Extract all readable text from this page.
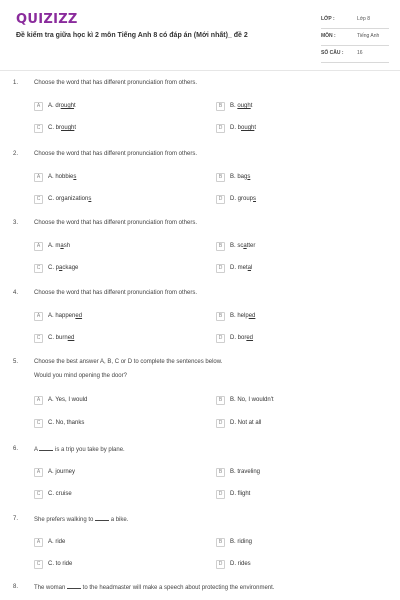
QUIZIZZ
Đề kiểm tra giữa học kì 2 môn Tiếng Anh 8 có đáp án (Mới nhất)_ đề 2
LỚP :	Lớp 8
MÔN :	Tiếng Anh
SỐ CÂU :	16
1.	Choose the word that has different pronunciation from others.
A	A. drought	B	B. ought
C	C. brought	D	D. bought
2.	Choose the word that has different pronunciation from others.
A	A. hobbies	B	B. bags
C	C. organizations	D	D. groups
3.	Choose the word that has different pronunciation from others.
A	A. mash	B	B. scatter
C	C. package	D	D. metal
4.	Choose the word that has different pronunciation from others.
A	A. happened	B	B. helped
C	C. burned	D	D. bored
5.	Choose the best answer A, B, C or D to complete the sentences below.
Would you mind opening the door?
A	A. Yes, I would	B	B. No, I wouldn't
C	C. No, thanks	D	D. Not at all
6.	A  is a trip you take by plane.
A	A. journey	B	B. traveling
C	C. cruise	D	D. flight
7.	She prefers walking to  a bike.
A	A. ride	B	B. riding
C	C. to ride	D	D. rides
8.	The woman  to the headmaster will make a speech about protecting the environment.
